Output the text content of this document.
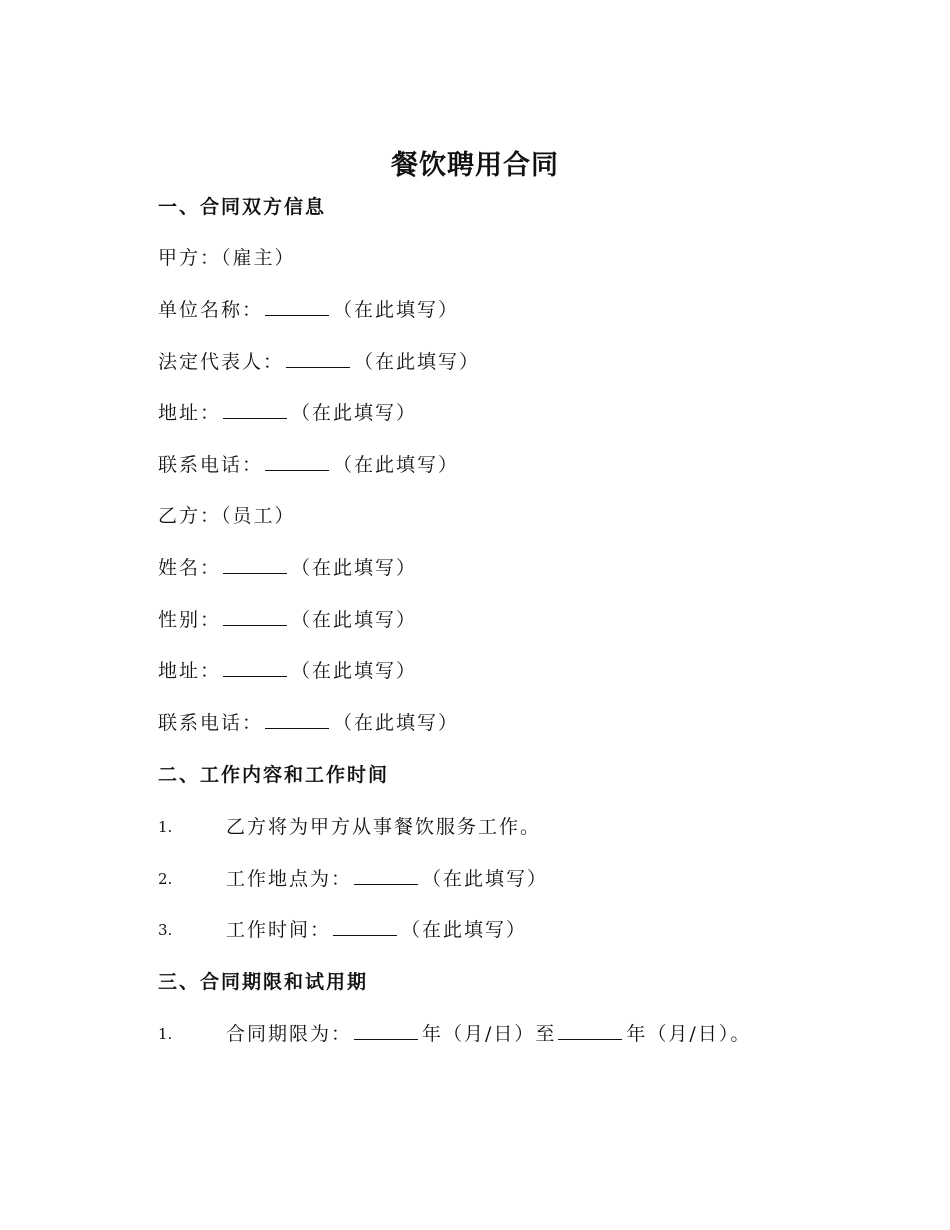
餐饮聘用合同
一、合同双方信息
甲方：（雇主）
单位名称：	（在此填写）
法定代表人：	（在此填写）
地址：	（在此填写）
联系电话：	（在此填写）
乙方：（员工）
姓名：	（在此填写）
性别：	（在此填写）
地址：	（在此填写）
联系电话：	（在此填写）
二、工作内容和工作时间
1.	乙方将为甲方从事餐饮服务工作。
2.	工作地点为：	（在此填写）
3.	工作时间：	（在此填写）
三、合同期限和试用期
1.	合同期限为：	年（月/日）至	年（月/日）。
